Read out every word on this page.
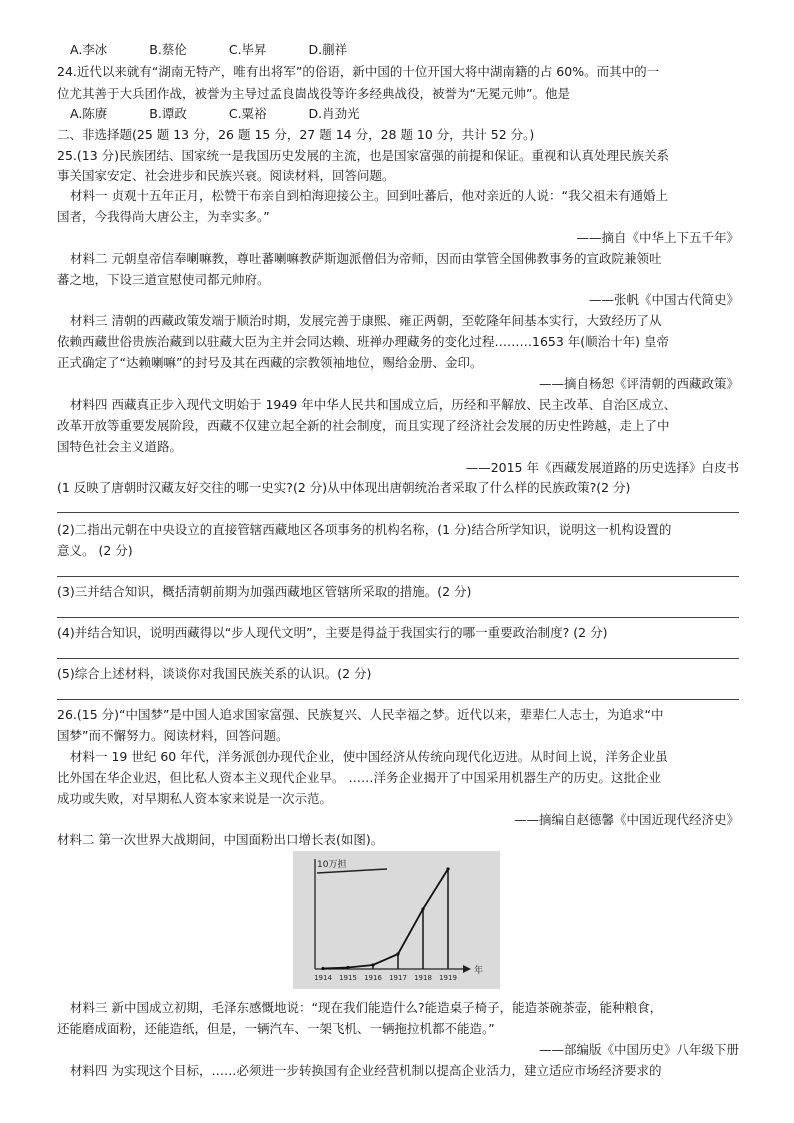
A.李冰	B.蔡伦	C.毕昇	D.蒯祥
24.近代以来就有“湖南无特产，唯有出将军”的俗语，新中国的十位开国大将中湖南籍的占 60%。而其中的一
位尤其善于大兵团作战，被誉为主导过孟良崮战役等许多经典战役，被誉为“无冕元帅”。他是
A.陈赓	B.谭政	C.粟裕	D.肖劲光
二、非选择题(25 题 13 分，26 题 15 分，27 题 14 分，28 题 10 分，共计 52 分。)
25.(13 分)民族团结、国家统一是我国历史发展的主流，也是国家富强的前提和保证。重视和认真处理民族关系
事关国家安定、社会进步和民族兴衰。阅读材料，回答问题。
材料一 贞观十五年正月，松赞干布亲自到柏海迎接公主。回到吐蕃后，他对亲近的人说：“我父祖未有通婚上
国者，今我得尚大唐公主，为幸实多。”
——摘自《中华上下五千年》
材料二 元朝皇帝信奉喇嘛教，尊吐蕃喇嘛教萨斯迦派僧侣为帝师，因而由掌管全国佛教事务的宣政院兼领吐
蕃之地，下设三道宣慰使司都元帅府。
——张帆《中国古代简史》
材料三 清朝的西藏政策发端于顺治时期，发展完善于康熙、雍正两朝，至乾隆年间基本实行，大致经历了从
依赖西藏世俗贵族治藏到以驻藏大臣为主并会同达赖、班禅办理藏务的变化过程………1653 年(顺治十年) 皇帝
正式确定了“达赖喇嘛”的封号及其在西藏的宗教领袖地位，赐给金册、金印。
——摘自杨恕《评清朝的西藏政策》
材料四 西藏真正步入现代文明始于 1949 年中华人民共和国成立后，历经和平解放、民主改革、自治区成立、
改革开放等重要发展阶段，西藏不仅建立起全新的社会制度，而且实现了经济社会发展的历史性跨越，走上了中
国特色社会主义道路。
——2015 年《西藏发展道路的历史选择》白皮书
(1 反映了唐朝时汉藏友好交往的哪一史实?(2 分)从中体现出唐朝统治者采取了什么样的民族政策?(2 分)
(2)二指出元朝在中央设立的直接管辖西藏地区各项事务的机构名称，(1 分)结合所学知识，说明这一机构设置的
意义。 (2 分)
(3)三并结合知识，概括清朝前期为加强西藏地区管辖所采取的措施。(2 分)
(4)并结合知识，说明西藏得以“步人现代文明”，主要是得益于我国实行的哪一重要政治制度? (2 分)
(5)综合上述材料，谈谈你对我国民族关系的认识。(2 分)
26.(15 分)“中国梦”是中国人追求国家富强、民族复兴、人民幸福之梦。近代以来，辈辈仁人志士，为追求“中
国梦”而不懈努力。阅读材料，回答问题。
材料一 19 世纪 60 年代，洋务派创办现代企业，使中国经济从传统向现代化迈进。从时间上说，洋务企业虽
比外国在华企业迟，但比私人资本主义现代企业早。 ……洋务企业揭开了中国采用机器生产的历史。这批企业
成功或失败，对早期私人资本家来说是一次示范。
——摘编自赵德馨《中国近现代经济史》
材料二 第一次世界大战期间，中国面粉出口增长表(如图)。
10万担
年
1914 1915 1916 1917 1918 1919
材料三 新中国成立初期，毛泽东感慨地说：“现在我们能造什么?能造桌子椅子，能造茶碗茶壶，能种粮食，
还能磨成面粉，还能造纸，但是，一辆汽车、一架飞机、一辆拖拉机都不能造。”
——部编版《中国历史》八年级下册
材料四 为实现这个目标，……必须进一步转换国有企业经营机制以提高企业活力，建立适应市场经济要求的
